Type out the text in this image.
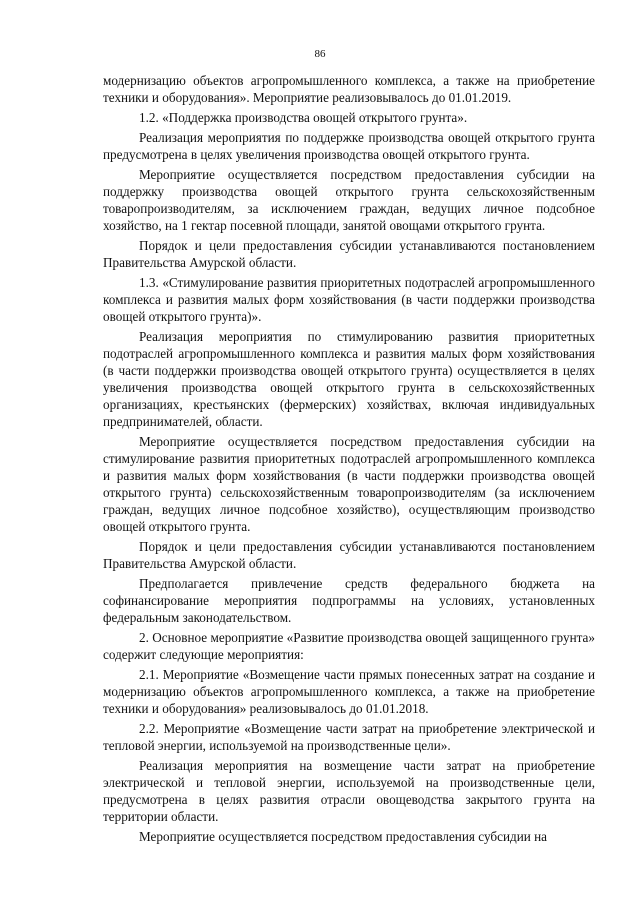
86

модернизацию объектов агропромышленного комплекса, а также на приобретение техники и оборудования». Мероприятие реализовывалось до 01.01.2019.

1.2. «Поддержка производства овощей открытого грунта».

Реализация мероприятия по поддержке производства овощей открытого грунта предусмотрена в целях увеличения производства овощей открытого грунта.

Мероприятие осуществляется посредством предоставления субсидии на поддержку производства овощей открытого грунта сельскохозяйственным товаропроизводителям, за исключением граждан, ведущих личное подсобное хозяйство, на 1 гектар посевной площади, занятой овощами открытого грунта.

Порядок и цели предоставления субсидии устанавливаются постановлением Правительства Амурской области.

1.3. «Стимулирование развития приоритетных подотраслей агропромышленного комплекса и развития малых форм хозяйствования (в части поддержки производства овощей открытого грунта)».

Реализация мероприятия по стимулированию развития приоритетных подотраслей агропромышленного комплекса и развития малых форм хозяйствования (в части поддержки производства овощей открытого грунта) осуществляется в целях увеличения производства овощей открытого грунта в сельскохозяйственных организациях, крестьянских (фермерских) хозяйствах, включая индивидуальных предпринимателей, области.

Мероприятие осуществляется посредством предоставления субсидии на стимулирование развития приоритетных подотраслей агропромышленного комплекса и развития малых форм хозяйствования (в части поддержки производства овощей открытого грунта) сельскохозяйственным товаропроизводителям (за исключением граждан, ведущих личное подсобное хозяйство), осуществляющим производство овощей открытого грунта.

Порядок и цели предоставления субсидии устанавливаются постановлением Правительства Амурской области.

Предполагается привлечение средств федерального бюджета на софинансирование мероприятия подпрограммы на условиях, установленных федеральным законодательством.

2. Основное мероприятие «Развитие производства овощей защищенного грунта» содержит следующие мероприятия:

2.1. Мероприятие «Возмещение части прямых понесенных затрат на создание и модернизацию объектов агропромышленного комплекса, а также на приобретение техники и оборудования» реализовывалось до 01.01.2018.

2.2. Мероприятие «Возмещение части затрат на приобретение электрической и тепловой энергии, используемой на производственные цели».

Реализация мероприятия на возмещение части затрат на приобретение электрической и тепловой энергии, используемой на производственные цели, предусмотрена в целях развития отрасли овощеводства закрытого грунта на территории области.

Мероприятие осуществляется посредством предоставления субсидии на
